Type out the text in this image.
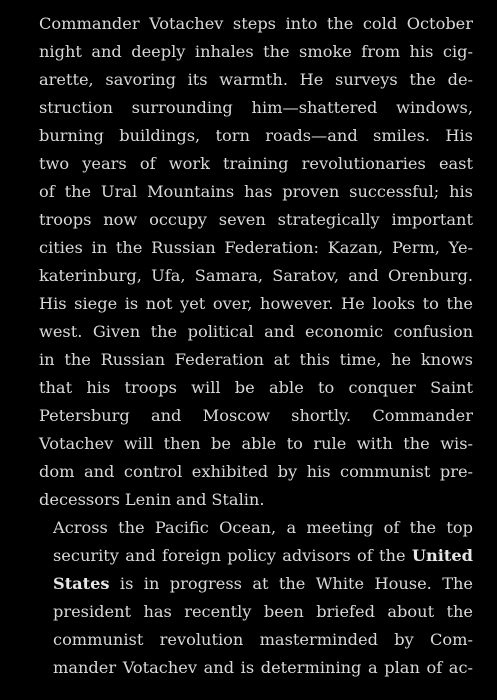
Commander Votachev steps into the cold October
night and deeply inhales the smoke from his cig-
arette, savoring its warmth. He surveys the de-
struction surrounding him—shattered windows,
burning buildings, torn roads—and smiles. His
two years of work training revolutionaries east
of the Ural Mountains has proven successful; his
troops now occupy seven strategically important
cities in the Russian Federation: Kazan, Perm, Ye-
katerinburg, Ufa, Samara, Saratov, and Orenburg.
His siege is not yet over, however. He looks to the
west. Given the political and economic confusion
in the Russian Federation at this time, he knows
that his troops will be able to conquer Saint
Petersburg and Moscow shortly. Commander
Votachev will then be able to rule with the wis-
dom and control exhibited by his communist pre-
decessors Lenin and Stalin.

Across the Pacific Ocean, a meeting of the top
security and foreign policy advisors of the United
States is in progress at the White House. The
president has recently been briefed about the
communist revolution masterminded by Com-
mander Votachev and is determining a plan of ac-
